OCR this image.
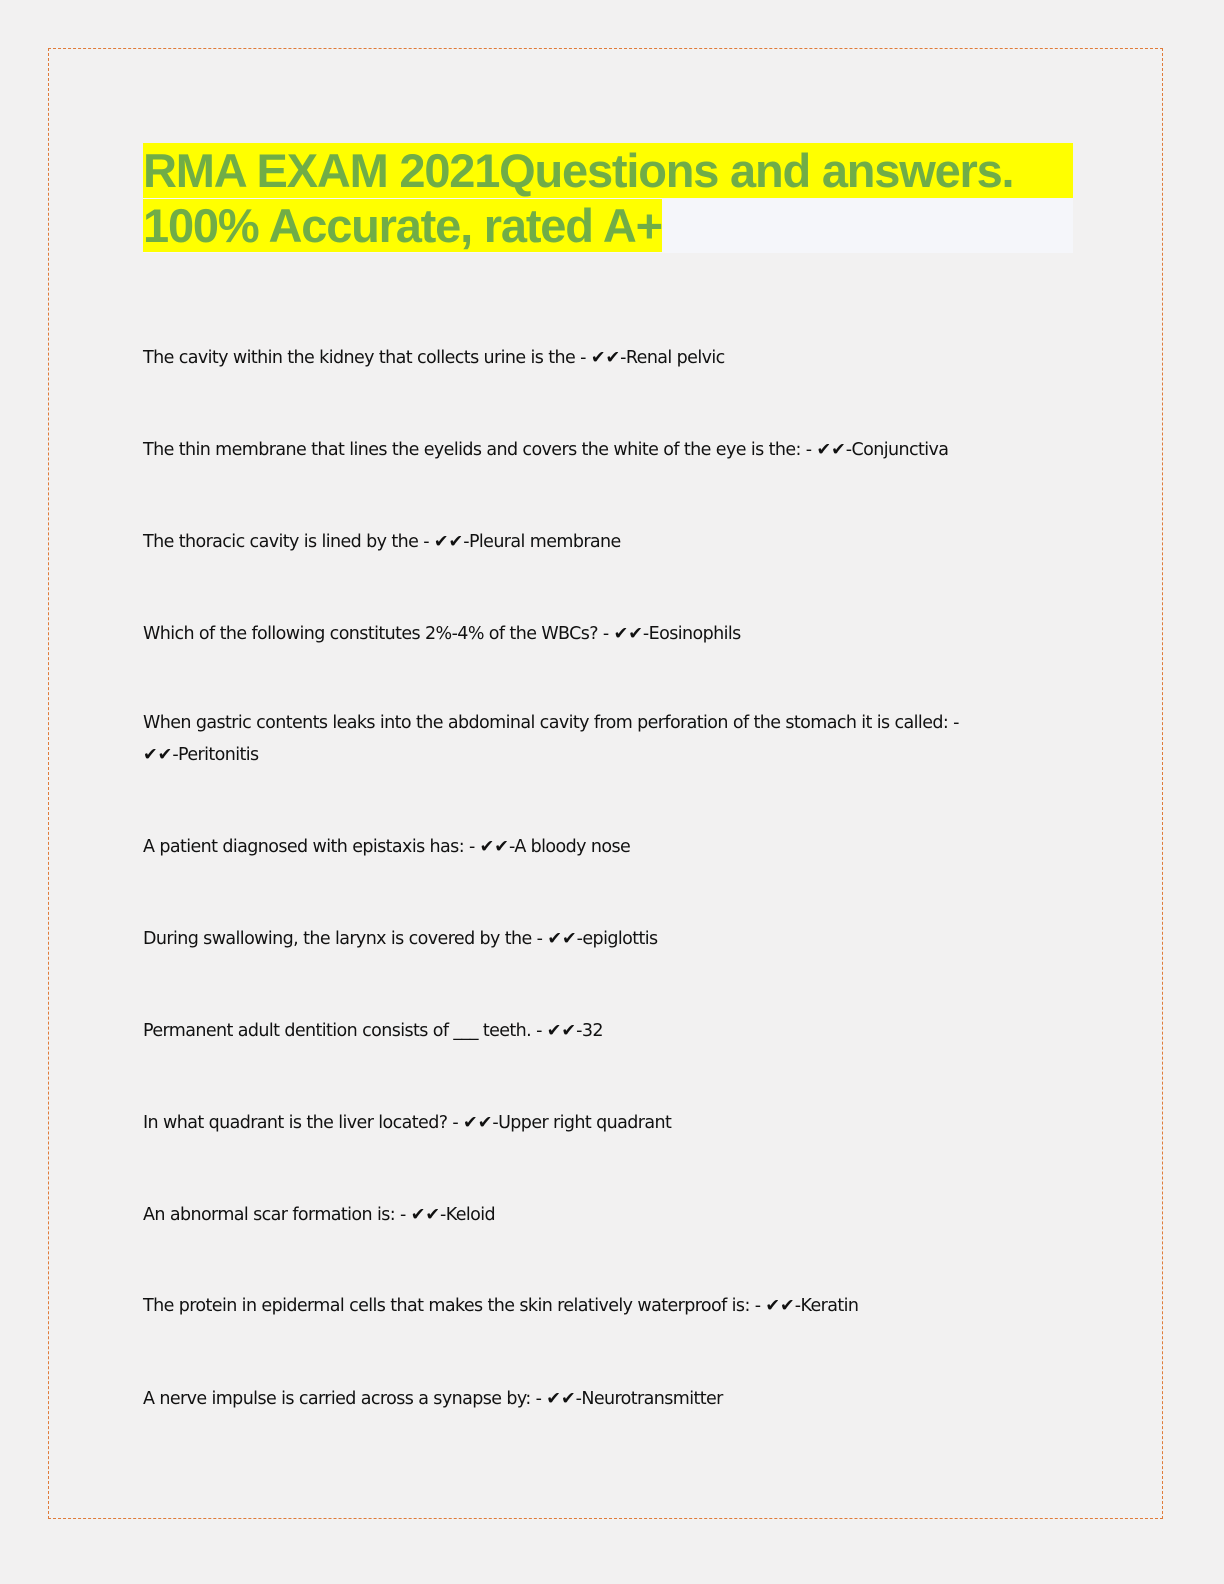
RMA EXAM 2021Questions and answers.
100% Accurate, rated A+
The cavity within the kidney that collects urine is the - ✔✔-Renal pelvic
The thin membrane that lines the eyelids and covers the white of the eye is the: - ✔✔-Conjunctiva
The thoracic cavity is lined by the - ✔✔-Pleural membrane
Which of the following constitutes 2%-4% of the WBCs? - ✔✔-Eosinophils
When gastric contents leaks into the abdominal cavity from perforation of the stomach it is called: -
✔✔-Peritonitis
A patient diagnosed with epistaxis has: - ✔✔-A bloody nose
During swallowing, the larynx is covered by the - ✔✔-epiglottis
Permanent adult dentition consists of ___ teeth. - ✔✔-32
In what quadrant is the liver located? - ✔✔-Upper right quadrant
An abnormal scar formation is: - ✔✔-Keloid
The protein in epidermal cells that makes the skin relatively waterproof is: - ✔✔-Keratin
A nerve impulse is carried across a synapse by: - ✔✔-Neurotransmitter
